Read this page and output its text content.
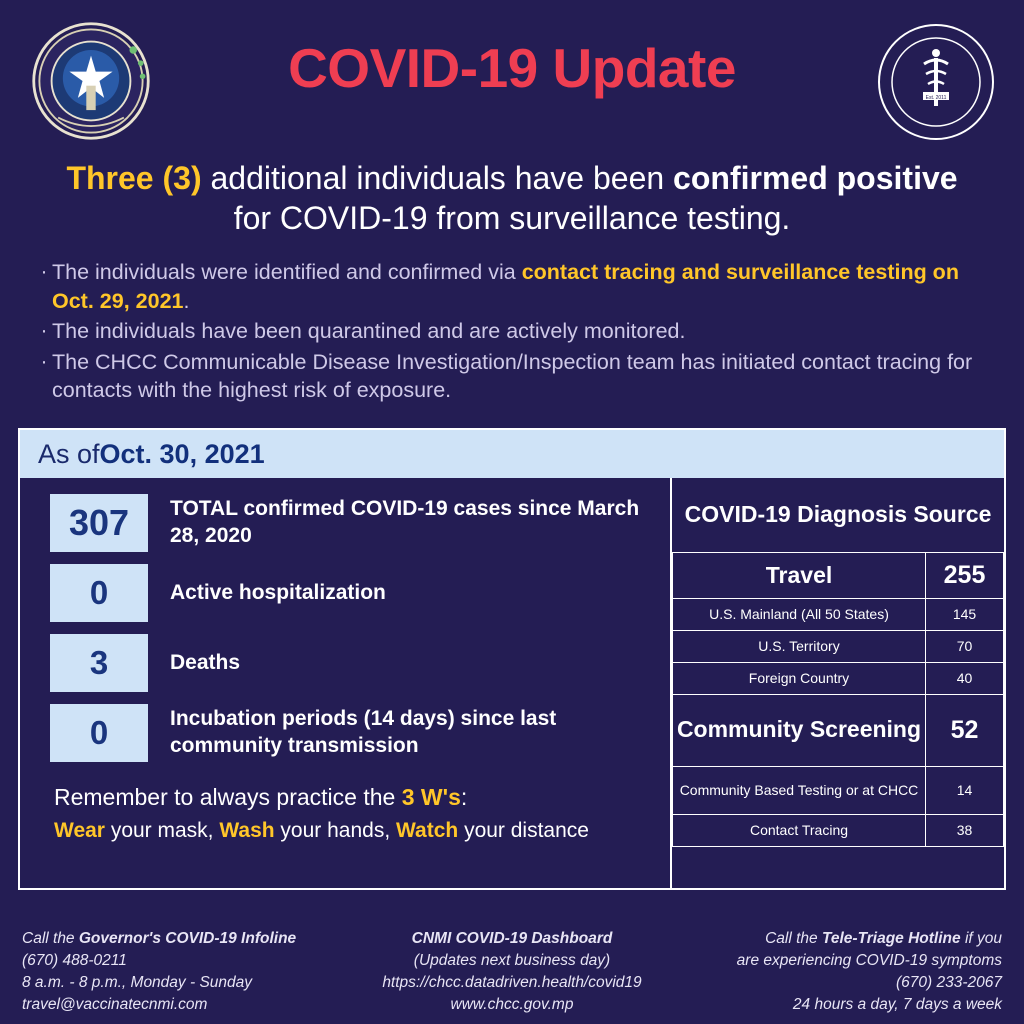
COVID-19 Update	Est. 2011
Three (3) additional individuals have been confirmed positive for COVID-19 from surveillance testing.
· The individuals were identified and confirmed via contact tracing and surveillance testing on Oct. 29, 2021.
· The individuals have been quarantined and are actively monitored.
· The CHCC Communicable Disease Investigation/Inspection team has initiated contact tracing for contacts with the highest risk of exposure.
As of Oct. 30, 2021
307	TOTAL confirmed COVID-19 cases since March 28, 2020
0	Active hospitalization
3	Deaths
0	Incubation periods (14 days) since last community transmission
Remember to always practice the 3 W's:
Wear your mask, Wash your hands, Watch your distance
COVID-19 Diagnosis Source	
Travel	255
U.S. Mainland (All 50 States)	145
U.S. Territory	70
Foreign Country	40
Community Screening	52
Community Based Testing or at CHCC	14
Contact Tracing	38
Call the Governor's COVID-19 Infoline
(670) 488-0211
8 a.m. - 8 p.m., Monday - Sunday
travel@vaccinatecnmi.com
CNMI COVID-19 Dashboard
(Updates next business day)
https://chcc.datadriven.health/covid19
www.chcc.gov.mp
Call the Tele-Triage Hotline if you
are experiencing COVID-19 symptoms
(670) 233-2067
24 hours a day, 7 days a week
